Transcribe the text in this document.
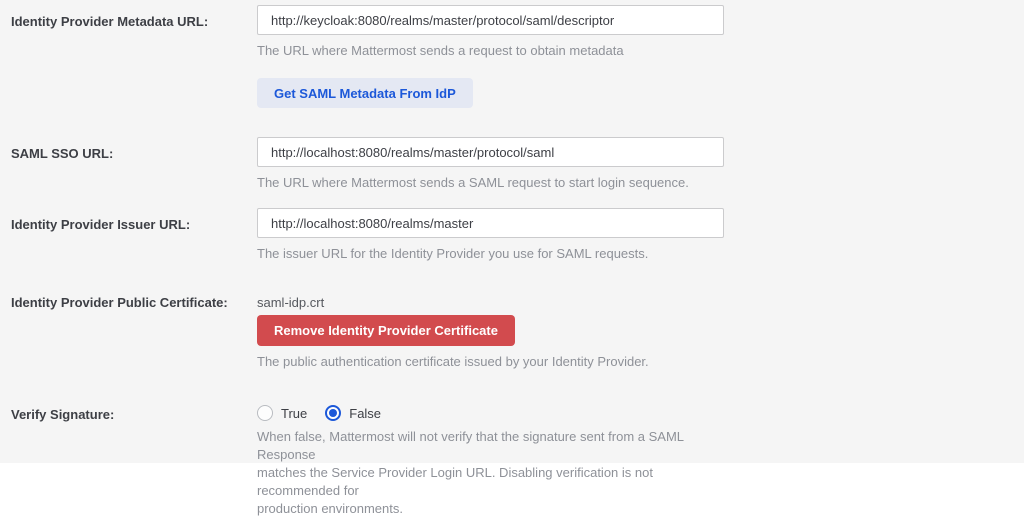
Identity Provider Metadata URL:
http://keycloak:8080/realms/master/protocol/saml/descriptor
The URL where Mattermost sends a request to obtain metadata
Get SAML Metadata From IdP
SAML SSO URL:
http://localhost:8080/realms/master/protocol/saml
The URL where Mattermost sends a SAML request to start login sequence.
Identity Provider Issuer URL:
http://localhost:8080/realms/master
The issuer URL for the Identity Provider you use for SAML requests.
Identity Provider Public Certificate:	saml-idp.crt
Remove Identity Provider Certificate
The public authentication certificate issued by your Identity Provider.
Verify Signature:	True	False
When false, Mattermost will not verify that the signature sent from a SAML Response
matches the Service Provider Login URL. Disabling verification is not recommended for
production environments.
